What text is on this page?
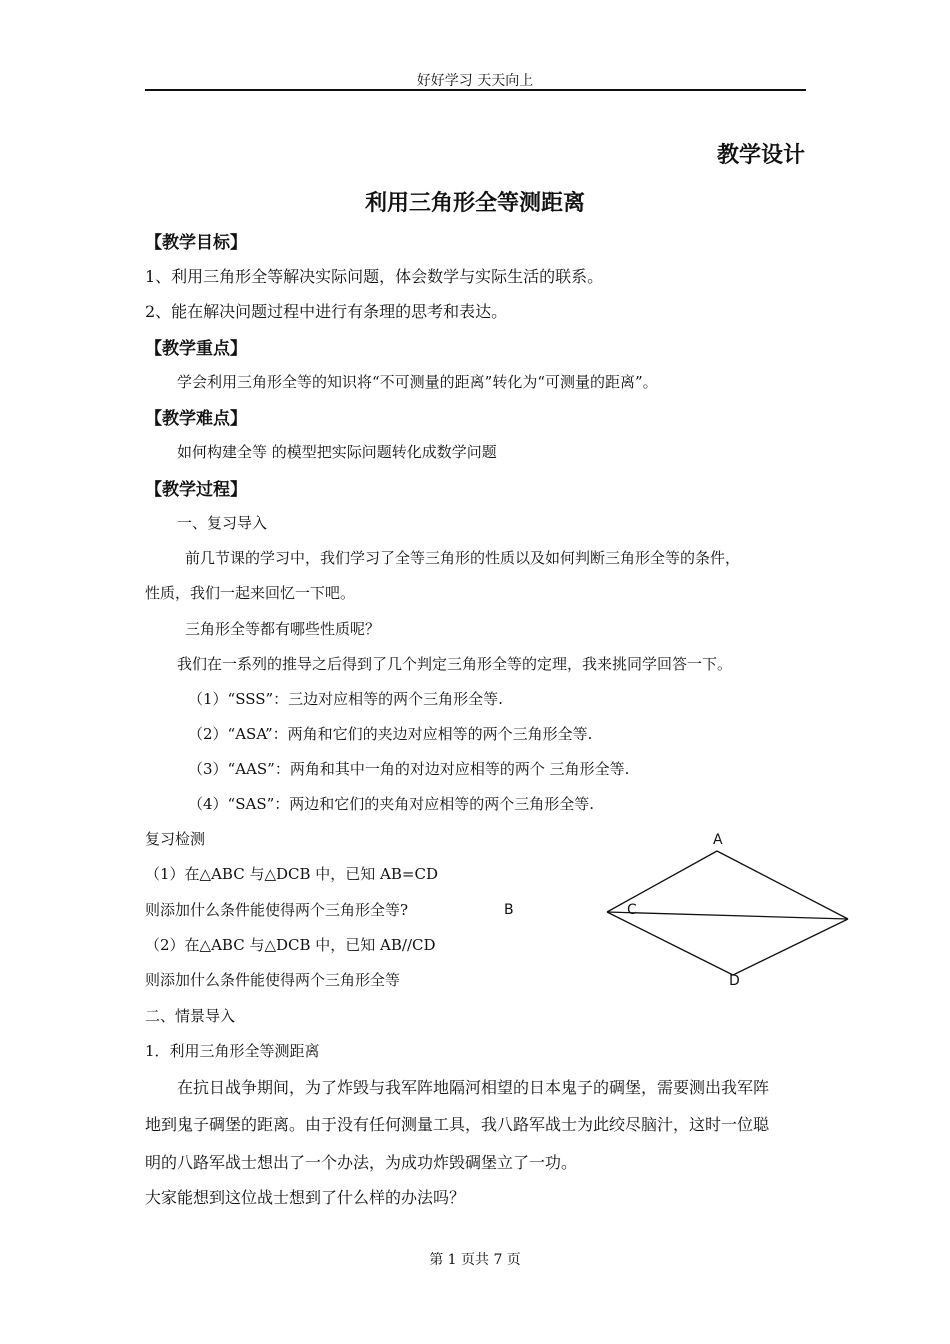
好好学习 天天向上
教学设计
利用三角形全等测距离
【教学目标】
1、利用三角形全等解决实际问题，体会数学与实际生活的联系。
2、能在解决问题过程中进行有条理的思考和表达。
【教学重点】
学会利用三角形全等的知识将“不可测量的距离”转化为“可测量的距离”。
【教学难点】
如何构建全等 的模型把实际问题转化成数学问题
【教学过程】
一、复习导入
前几节课的学习中，我们学习了全等三角形的性质以及如何判断三角形全等的条件，
性质，我们一起来回忆一下吧。
三角形全等都有哪些性质呢？
我们在一系列的推导之后得到了几个判定三角形全等的定理，我来挑同学回答一下。
（1）“SSS”：三边对应相等的两个三角形全等.
（2）“ASA”：两角和它们的夹边对应相等的两个三角形全等.
（3）“AAS”：两角和其中一角的对边对应相等的两个 三角形全等.
（4）“SAS”：两边和它们的夹角对应相等的两个三角形全等.
复习检测
（1）在△ABC 与△DCB 中，已知 AB=CD
则添加什么条件能使得两个三角形全等?
（2）在△ABC 与△DCB 中，已知 AB//CD
则添加什么条件能使得两个三角形全等
二、情景导入
1．利用三角形全等测距离
在抗日战争期间，为了炸毁与我军阵地隔河相望的日本鬼子的碉堡，需要测出我军阵
地到鬼子碉堡的距离。由于没有任何测量工具，我八路军战士为此绞尽脑汁，这时一位聪
明的八路军战士想出了一个办法，为成功炸毁碉堡立了一功。
大家能想到这位战士想到了什么样的办法吗？
A
B	C
D
第 1 页共 7 页
